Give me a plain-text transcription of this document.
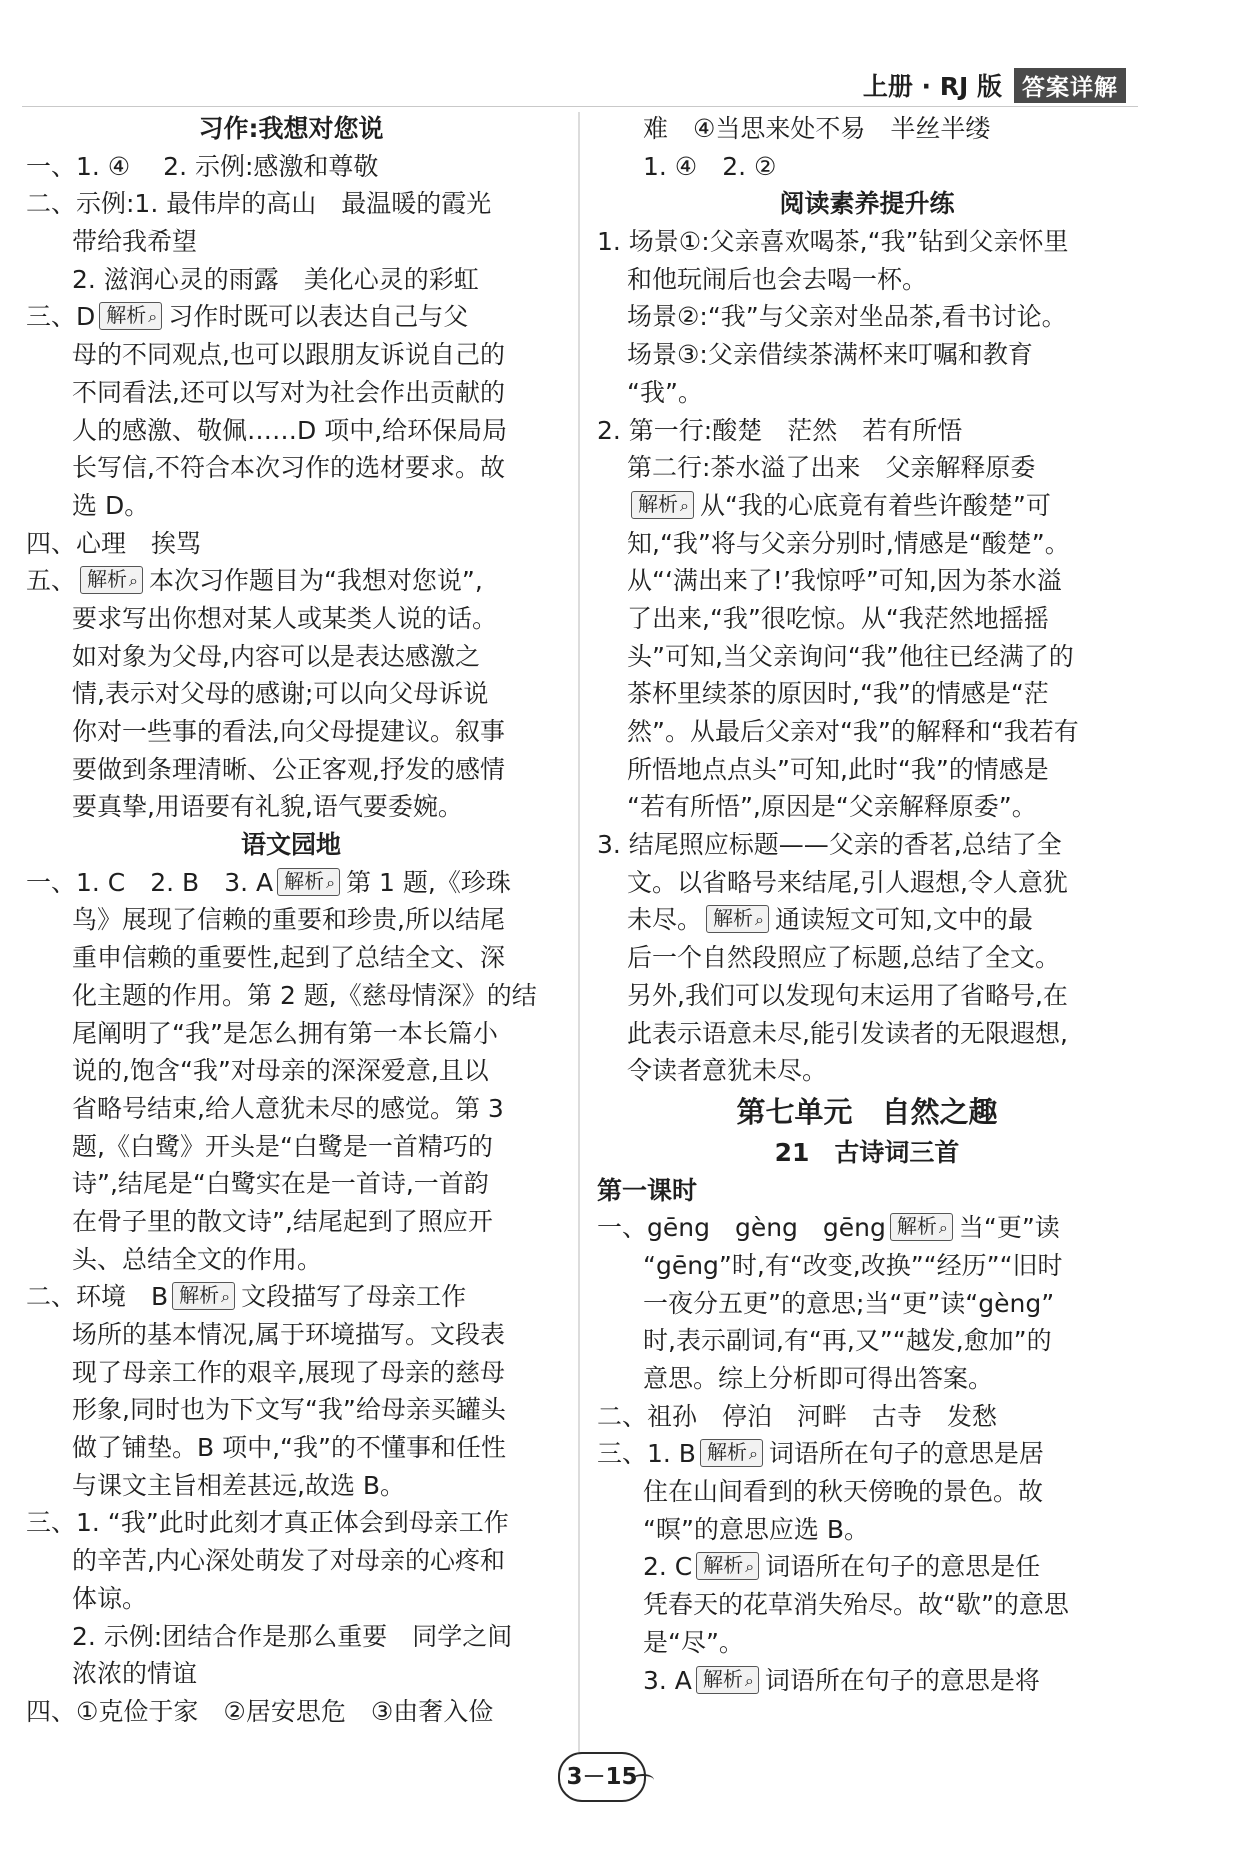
上册 · RJ 版 答案详解
习作:我想对您说
一、1. ④　 2. 示例:感激和尊敬
二、示例:1. 最伟岸的高山　最温暖的霞光
带给我希望
2. 滋润心灵的雨露　美化心灵的彩虹
三、D 解析 ⌕ 习作时既可以表达自己与父
母的不同观点,也可以跟朋友诉说自己的
不同看法,还可以写对为社会作出贡献的
人的感激、敬佩……D 项中,给环保局局
长写信,不符合本次习作的选材要求。故
选 D。
四、心理　挨骂
五、 解析 ⌕ 本次习作题目为“我想对您说”,
要求写出你想对某人或某类人说的话。
如对象为父母,内容可以是表达感激之
情,表示对父母的感谢;可以向父母诉说
你对一些事的看法,向父母提建议。叙事
要做到条理清晰、公正客观,抒发的感情
要真挚,用语要有礼貌,语气要委婉。
语文园地
一、1. C　2. B　3. A 解析 ⌕ 第 1 题,《珍珠
鸟》展现了信赖的重要和珍贵,所以结尾
重申信赖的重要性,起到了总结全文、深
化主题的作用。第 2 题,《慈母情深》的结
尾阐明了“我”是怎么拥有第一本长篇小
说的,饱含“我”对母亲的深深爱意,且以
省略号结束,给人意犹未尽的感觉。第 3
题,《白鹭》开头是“白鹭是一首精巧的
诗”,结尾是“白鹭实在是一首诗,一首韵
在骨子里的散文诗”,结尾起到了照应开
头、总结全文的作用。
二、环境　B 解析 ⌕ 文段描写了母亲工作
场所的基本情况,属于环境描写。文段表
现了母亲工作的艰辛,展现了母亲的慈母
形象,同时也为下文写“我”给母亲买罐头
做了铺垫。B 项中,“我”的不懂事和任性
与课文主旨相差甚远,故选 B。
三、1. “我”此时此刻才真正体会到母亲工作
的辛苦,内心深处萌发了对母亲的心疼和
体谅。
2. 示例:团结合作是那么重要　同学之间
浓浓的情谊
四、①克俭于家　②居安思危　③由奢入俭
难　④当思来处不易　半丝半缕
1. ④　2. ②
阅读素养提升练
1. 场景①:父亲喜欢喝茶,“我”钻到父亲怀里
和他玩闹后也会去喝一杯。
场景②:“我”与父亲对坐品茶,看书讨论。
场景③:父亲借续茶满杯来叮嘱和教育
“我”。
2. 第一行:酸楚　茫然　若有所悟
第二行:茶水溢了出来　父亲解释原委
解析 ⌕ 从“我的心底竟有着些许酸楚”可
知,“我”将与父亲分别时,情感是“酸楚”。
从“‘满出来了!’我惊呼”可知,因为茶水溢
了出来,“我”很吃惊。从“我茫然地摇摇
头”可知,当父亲询问“我”他往已经满了的
茶杯里续茶的原因时,“我”的情感是“茫
然”。从最后父亲对“我”的解释和“我若有
所悟地点点头”可知,此时“我”的情感是
“若有所悟”,原因是“父亲解释原委”。
3. 结尾照应标题——父亲的香茗,总结了全
文。以省略号来结尾,引人遐想,令人意犹
未尽。 解析 ⌕ 通读短文可知,文中的最
后一个自然段照应了标题,总结了全文。
另外,我们可以发现句末运用了省略号,在
此表示语意未尽,能引发读者的无限遐想,
令读者意犹未尽。
第七单元　自然之趣
21　古诗词三首
第一课时
一、gēng　gèng　gēng 解析 ⌕ 当“更”读
“gēng”时,有“改变,改换”“经历”“旧时
一夜分五更”的意思;当“更”读“gèng”
时,表示副词,有“再,又”“越发,愈加”的
意思。综上分析即可得出答案。
二、祖孙　停泊　河畔　古寺　发愁
三、1. B 解析 ⌕ 词语所在句子的意思是居
住在山间看到的秋天傍晚的景色。故
“暝”的意思应选 B。
2. C 解析 ⌕ 词语所在句子的意思是任
凭春天的花草消失殆尽。故“歇”的意思
是“尽”。
3. A 解析 ⌕ 词语所在句子的意思是将
3－15
